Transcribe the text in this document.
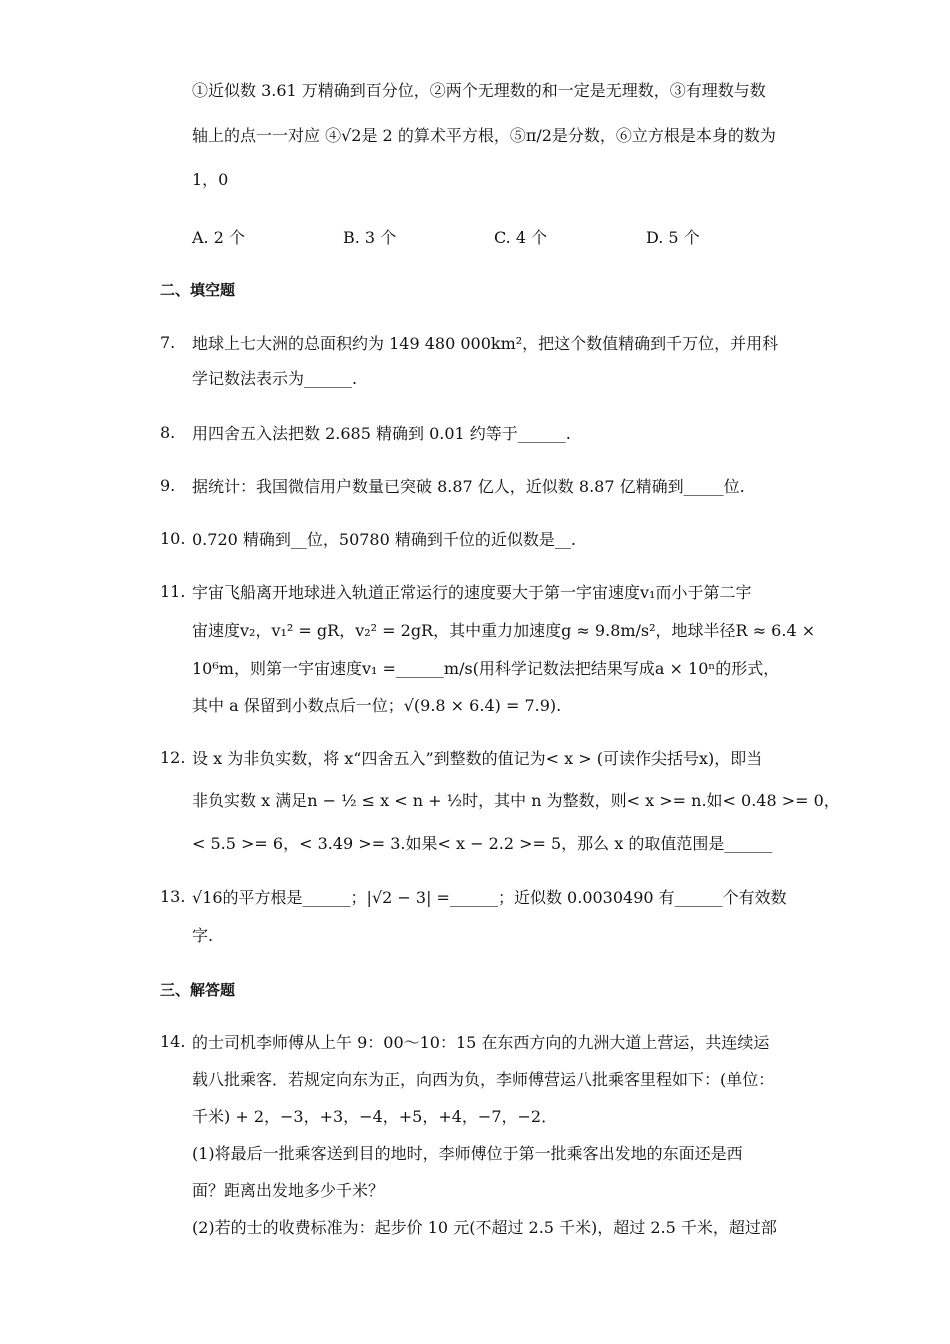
①近似数 3.61 万精确到百分位，②两个无理数的和一定是无理数，③有理数与数
轴上的点一一对应 ④√2是 2 的算术平方根，⑤π/2是分数，⑥立方根是本身的数为
1，0
A. 2 个	B. 3 个	C. 4 个	D. 5 个
二、填空题
7. 地球上七大洲的总面积约为 149 480 000km²，把这个数值精确到千万位，并用科
学记数法表示为______.
8. 用四舍五入法把数 2.685 精确到 0.01 约等于______.
9. 据统计：我国微信用户数量已突破 8.87 亿人，近似数 8.87 亿精确到_____位.
10. 0.720 精确到__位，50780 精确到千位的近似数是__.
11. 宇宙飞船离开地球进入轨道正常运行的速度要大于第一宇宙速度v₁而小于第二宇
宙速度v₂，v₁² = gR，v₂² = 2gR，其中重力加速度g ≈ 9.8m/s²，地球半径R ≈ 6.4 ×
10⁶m，则第一宇宙速度v₁ =______m/s(用科学记数法把结果写成a × 10ⁿ的形式，
其中 a 保留到小数点后一位；√(9.8 × 6.4) = 7.9).
12. 设 x 为非负实数，将 x“四舍五入”到整数的值记为< x > (可读作尖括号x)，即当
非负实数 x 满足n − ½ ≤ x < n + ½时，其中 n 为整数，则< x >= n.如< 0.48 >= 0，
< 5.5 >= 6，< 3.49 >= 3.如果< x − 2.2 >= 5，那么 x 的取值范围是______
13. √16的平方根是______；|√2 − 3| =______；近似数 0.0030490 有______个有效数
字.
三、解答题
14. 的士司机李师傅从上午 9：00～10：15 在东西方向的九洲大道上营运，共连续运
载八批乘客．若规定向东为正，向西为负，李师傅营运八批乘客里程如下：(单位：
千米) + 2，−3，+3，−4，+5，+4，−7，−2．
(1)将最后一批乘客送到目的地时，李师傅位于第一批乘客出发地的东面还是西
面？距离出发地多少千米？
(2)若的士的收费标准为：起步价 10 元(不超过 2.5 千米)，超过 2.5 千米，超过部
